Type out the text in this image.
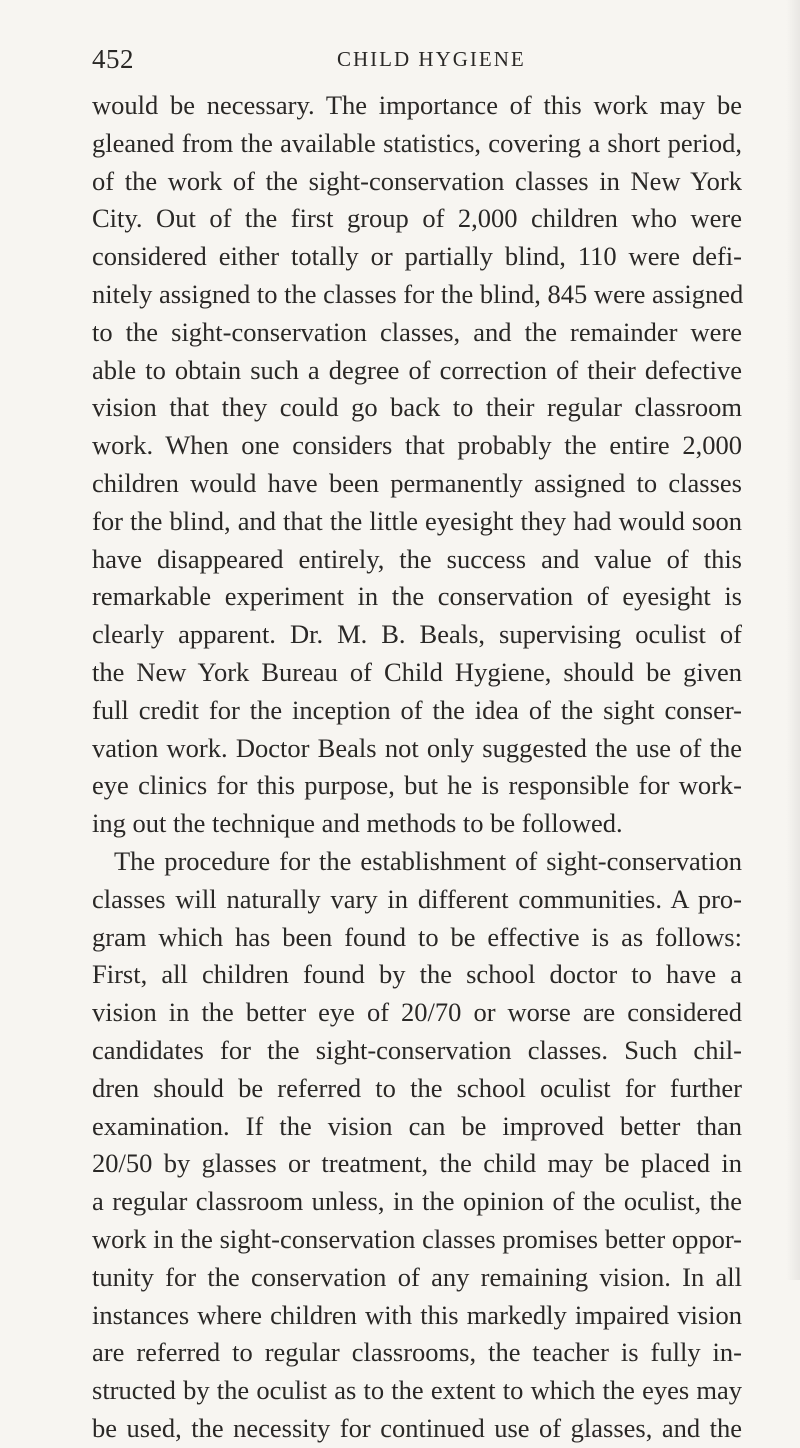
452	CHILD HYGIENE
would be necessary. The importance of this work may be
gleaned from the available statistics, covering a short period,
of the work of the sight-conservation classes in New York
City. Out of the first group of 2,000 children who were
considered either totally or partially blind, 110 were defi-
nitely assigned to the classes for the blind, 845 were assigned
to the sight-conservation classes, and the remainder were
able to obtain such a degree of correction of their defective
vision that they could go back to their regular classroom
work. When one considers that probably the entire 2,000
children would have been permanently assigned to classes
for the blind, and that the little eyesight they had would soon
have disappeared entirely, the success and value of this
remarkable experiment in the conservation of eyesight is
clearly apparent. Dr. M. B. Beals, supervising oculist of
the New York Bureau of Child Hygiene, should be given
full credit for the inception of the idea of the sight conser-
vation work. Doctor Beals not only suggested the use of the
eye clinics for this purpose, but he is responsible for work-
ing out the technique and methods to be followed.
The procedure for the establishment of sight-conservation
classes will naturally vary in different communities. A pro-
gram which has been found to be effective is as follows:
First, all children found by the school doctor to have a
vision in the better eye of 20/70 or worse are considered
candidates for the sight-conservation classes. Such chil-
dren should be referred to the school oculist for further
examination. If the vision can be improved better than
20/50 by glasses or treatment, the child may be placed in
a regular classroom unless, in the opinion of the oculist, the
work in the sight-conservation classes promises better oppor-
tunity for the conservation of any remaining vision. In all
instances where children with this markedly impaired vision
are referred to regular classrooms, the teacher is fully in-
structed by the oculist as to the extent to which the eyes may
be used, the necessity for continued use of glasses, and the
